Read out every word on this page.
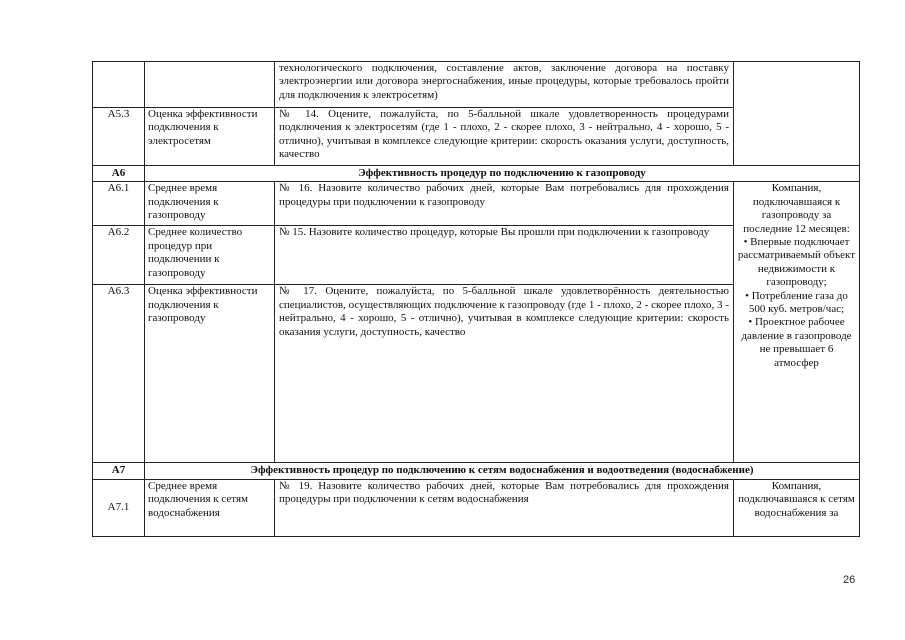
		технологического подключения, составление актов, заключение договора на поставку электроэнергии или договора энергоснабжения, иные процедуры, которые требовалось пройти для подключения к электросетям)	
A5.3	Оценка эффективности подключения к электросетям	№ 14. Оцените, пожалуйста, по 5-балльной шкале удовлетворенность процедурами подключения к электросетям (где 1 - плохо, 2 - скорее плохо, 3 - нейтрально, 4 - хорошо, 5 - отлично), учитывая в комплексе следующие критерии: скорость оказания услуги, доступность, качество	
A6	Эффективность процедур по подключению к газопроводу		
A6.1	Среднее время подключения к газопроводу	№ 16. Назовите количество рабочих дней, которые Вам потребовались для прохождения процедуры при подключении к газопроводу	Компания, подключавшаяся к газопроводу за последние 12 месяцев:
• Впервые подключает рассматриваемый объект недвижимости к газопроводу;
• Потребление газа до 500 куб. метров/час;
• Проектное рабочее давление в газопроводе не превышает 6 атмосфер

A6.2	Среднее количество процедур при подключении к газопроводу	№ 15. Назовите количество процедур, которые Вы прошли при подключении к газопроводу	
A6.3	Оценка эффективности подключения к газопроводу	№ 17. Оцените, пожалуйста, по 5-балльной шкале удовлетворённость деятельностью специалистов, осуществляющих подключение к газопроводу (где 1 - плохо, 2 - скорее плохо, 3 - нейтрально, 4 - хорошо, 5 - отлично), учитывая в комплексе следующие критерии: скорость оказания услуги, доступность, качество	
A7	Эффективность процедур по подключению к сетям водоснабжения и водоотведения (водоснабжение)		
A7.1	Среднее время подключения к сетям водоснабжения	№ 19. Назовите количество рабочих дней, которые Вам потребовались для прохождения процедуры при подключении к сетям водоснабжения	Компания, подключавшаяся к сетям водоснабжения за
26
